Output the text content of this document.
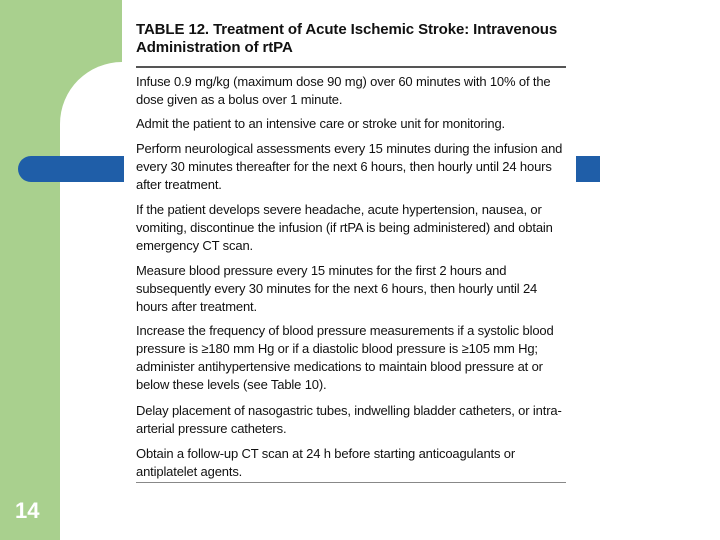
14
TABLE 12. Treatment of Acute Ischemic Stroke: Intravenous Administration of rtPA
Infuse 0.9 mg/kg (maximum dose 90 mg) over 60 minutes with 10% of the dose given as a bolus over 1 minute.
Admit the patient to an intensive care or stroke unit for monitoring.
Perform neurological assessments every 15 minutes during the infusion and every 30 minutes thereafter for the next 6 hours, then hourly until 24 hours after treatment.
If the patient develops severe headache, acute hypertension, nausea, or vomiting, discontinue the infusion (if rtPA is being administered) and obtain emergency CT scan.
Measure blood pressure every 15 minutes for the first 2 hours and subsequently every 30 minutes for the next 6 hours, then hourly until 24 hours after treatment.
Increase the frequency of blood pressure measurements if a systolic blood pressure is ≥180 mm Hg or if a diastolic blood pressure is ≥105 mm Hg; administer antihypertensive medications to maintain blood pressure at or below these levels (see Table 10).
Delay placement of nasogastric tubes, indwelling bladder catheters, or intra-arterial pressure catheters.
Obtain a follow-up CT scan at 24 h before starting anticoagulants or antiplatelet agents.
